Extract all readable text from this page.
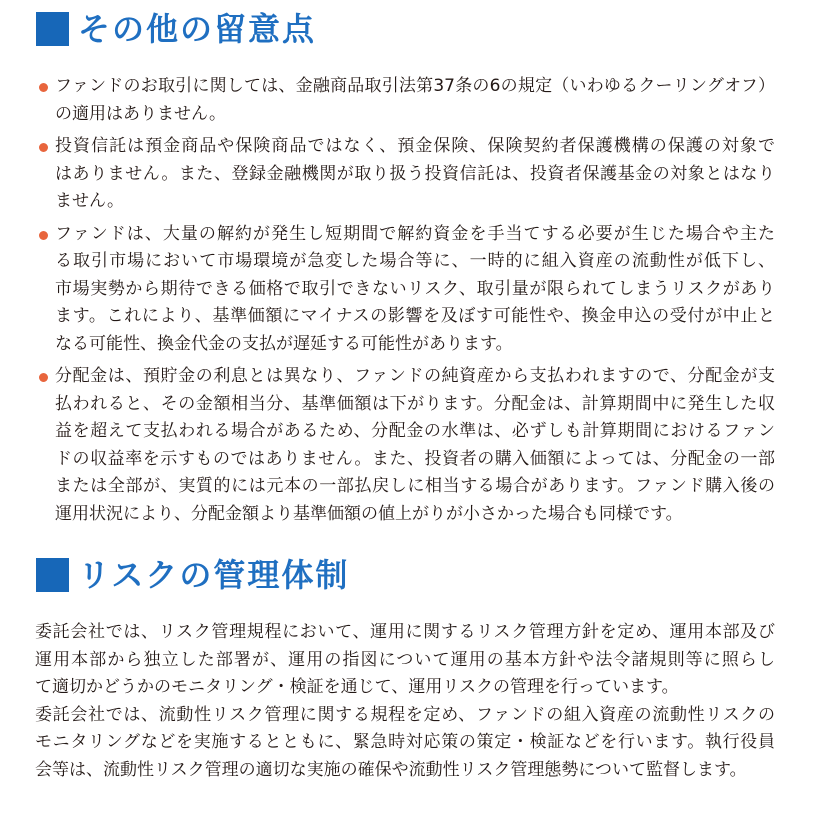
その他の留意点
ファンドのお取引に関しては、金融商品取引法第37条の6の規定（いわゆるクーリングオフ）
の適用はありません。
投資信託は預金商品や保険商品ではなく、預金保険、保険契約者保護機構の保護の対象で
はありません。また、登録金融機関が取り扱う投資信託は、投資者保護基金の対象とはなり
ません。
ファンドは、大量の解約が発生し短期間で解約資金を手当てする必要が生じた場合や主た
る取引市場において市場環境が急変した場合等に、一時的に組入資産の流動性が低下し、
市場実勢から期待できる価格で取引できないリスク、取引量が限られてしまうリスクがあり
ます。これにより、基準価額にマイナスの影響を及ぼす可能性や、換金申込の受付が中止と
なる可能性、換金代金の支払が遅延する可能性があります。
分配金は、預貯金の利息とは異なり、ファンドの純資産から支払われますので、分配金が支
払われると、その金額相当分、基準価額は下がります。分配金は、計算期間中に発生した収
益を超えて支払われる場合があるため、分配金の水準は、必ずしも計算期間におけるファン
ドの収益率を示すものではありません。また、投資者の購入価額によっては、分配金の一部
または全部が、実質的には元本の一部払戻しに相当する場合があります。ファンド購入後の
運用状況により、分配金額より基準価額の値上がりが小さかった場合も同様です。
リスクの管理体制
委託会社では、リスク管理規程において、運用に関するリスク管理方針を定め、運用本部及び
運用本部から独立した部署が、運用の指図について運用の基本方針や法令諸規則等に照らし
て適切かどうかのモニタリング・検証を通じて、運用リスクの管理を行っています。
委託会社では、流動性リスク管理に関する規程を定め、ファンドの組入資産の流動性リスクの
モニタリングなどを実施するとともに、緊急時対応策の策定・検証などを行います。執行役員
会等は、流動性リスク管理の適切な実施の確保や流動性リスク管理態勢について監督します。
